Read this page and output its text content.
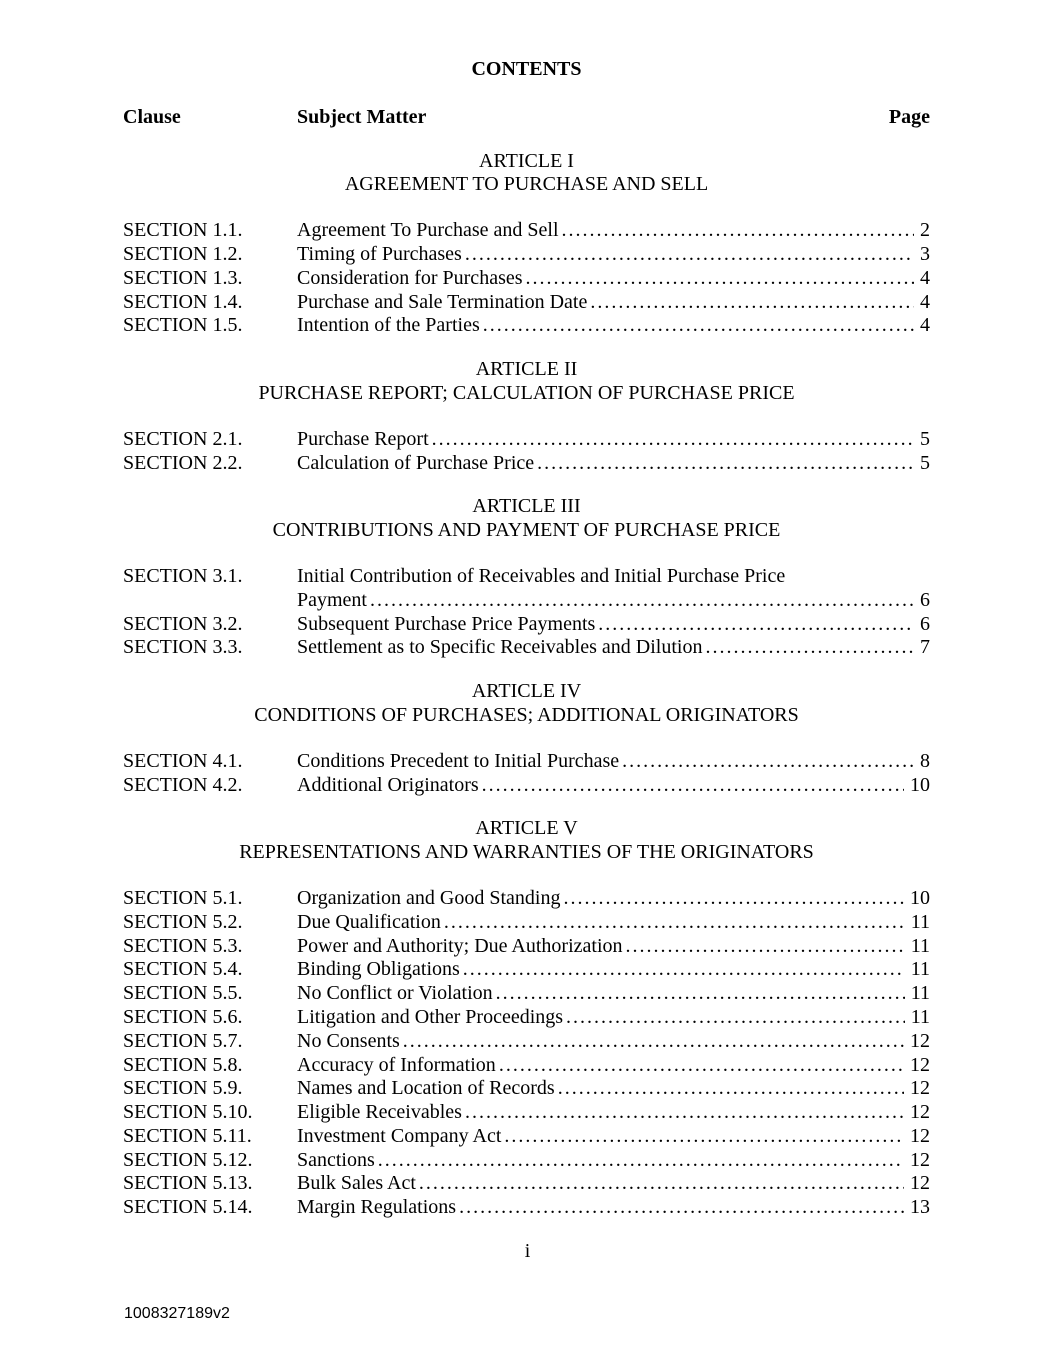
CONTENTS
Clause	Subject Matter	Page
ARTICLE I
AGREEMENT TO PURCHASE AND SELL
SECTION 1.1.	Agreement To Purchase and Sell .....	2
SECTION 1.2.	Timing of Purchases .....	3
SECTION 1.3.	Consideration for Purchases .....	4
SECTION 1.4.	Purchase and Sale Termination Date .....	4
SECTION 1.5.	Intention of the Parties .....	4
ARTICLE II
PURCHASE REPORT; CALCULATION OF PURCHASE PRICE
SECTION 2.1.	Purchase Report .....	5
SECTION 2.2.	Calculation of Purchase Price .....	5
ARTICLE III
CONTRIBUTIONS AND PAYMENT OF PURCHASE PRICE
SECTION 3.1.	Initial Contribution of Receivables and Initial Purchase Price
Payment .....	6
SECTION 3.2.	Subsequent Purchase Price Payments .....	6
SECTION 3.3.	Settlement as to Specific Receivables and Dilution .....	7
ARTICLE IV
CONDITIONS OF PURCHASES; ADDITIONAL ORIGINATORS
SECTION 4.1.	Conditions Precedent to Initial Purchase .....	8
SECTION 4.2.	Additional Originators .....	10
ARTICLE V
REPRESENTATIONS AND WARRANTIES OF THE ORIGINATORS
SECTION 5.1.	Organization and Good Standing .....	10
SECTION 5.2.	Due Qualification .....	11
SECTION 5.3.	Power and Authority; Due Authorization .....	11
SECTION 5.4.	Binding Obligations .....	11
SECTION 5.5.	No Conflict or Violation .....	11
SECTION 5.6.	Litigation and Other Proceedings .....	11
SECTION 5.7.	No Consents .....	12
SECTION 5.8.	Accuracy of Information .....	12
SECTION 5.9.	Names and Location of Records .....	12
SECTION 5.10.	Eligible Receivables .....	12
SECTION 5.11.	Investment Company Act .....	12
SECTION 5.12.	Sanctions .....	12
SECTION 5.13.	Bulk Sales Act .....	12
SECTION 5.14.	Margin Regulations .....	13
i
1008327189v2
